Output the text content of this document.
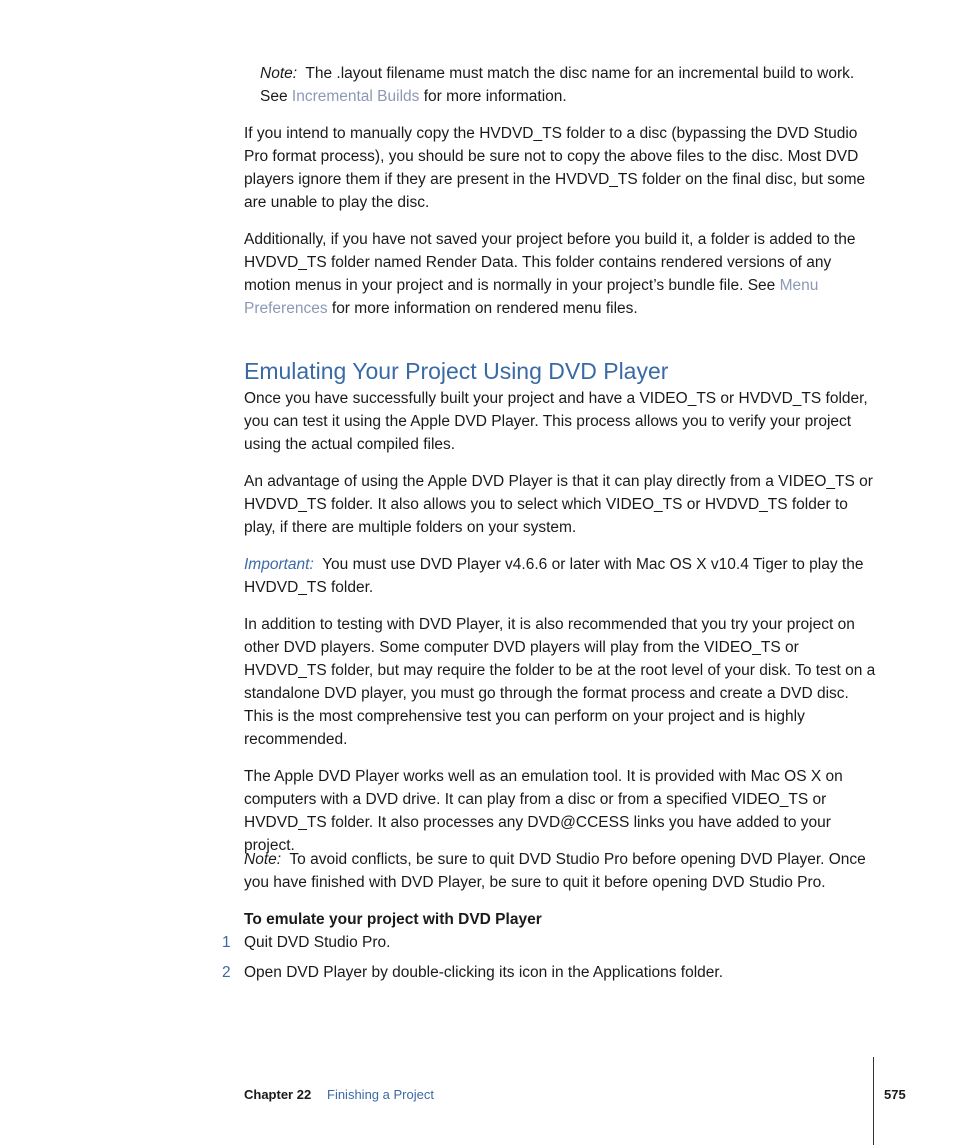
Note: The .layout filename must match the disc name for an incremental build to work. See Incremental Builds for more information.

If you intend to manually copy the HVDVD_TS folder to a disc (bypassing the DVD Studio Pro format process), you should be sure not to copy the above files to the disc. Most DVD players ignore them if they are present in the HVDVD_TS folder on the final disc, but some are unable to play the disc.

Additionally, if you have not saved your project before you build it, a folder is added to the HVDVD_TS folder named Render Data. This folder contains rendered versions of any motion menus in your project and is normally in your project’s bundle file. See Menu Preferences for more information on rendered menu files.

Emulating Your Project Using DVD Player

Once you have successfully built your project and have a VIDEO_TS or HVDVD_TS folder, you can test it using the Apple DVD Player. This process allows you to verify your project using the actual compiled files.

An advantage of using the Apple DVD Player is that it can play directly from a VIDEO_TS or HVDVD_TS folder. It also allows you to select which VIDEO_TS or HVDVD_TS folder to play, if there are multiple folders on your system.

Important: You must use DVD Player v4.6.6 or later with Mac OS X v10.4 Tiger to play the HVDVD_TS folder.

In addition to testing with DVD Player, it is also recommended that you try your project on other DVD players. Some computer DVD players will play from the VIDEO_TS or HVDVD_TS folder, but may require the folder to be at the root level of your disk. To test on a standalone DVD player, you must go through the format process and create a DVD disc. This is the most comprehensive test you can perform on your project and is highly recommended.

The Apple DVD Player works well as an emulation tool. It is provided with Mac OS X on computers with a DVD drive. It can play from a disc or from a specified VIDEO_TS or HVDVD_TS folder. It also processes any DVD@CCESS links you have added to your project.

Note: To avoid conflicts, be sure to quit DVD Studio Pro before opening DVD Player. Once you have finished with DVD Player, be sure to quit it before opening DVD Studio Pro.

To emulate your project with DVD Player

1 Quit DVD Studio Pro.
2 Open DVD Player by double-clicking its icon in the Applications folder.
Chapter 22 Finishing a Project	575
